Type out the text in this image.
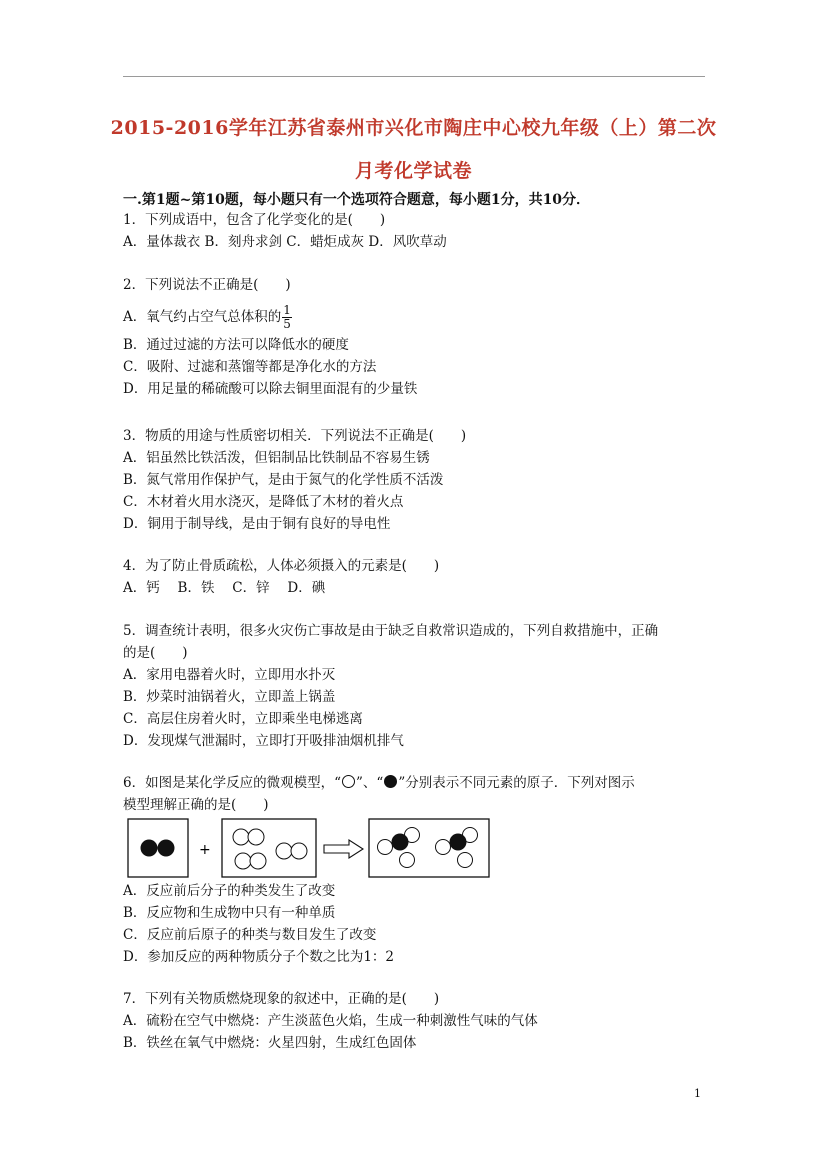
2015-2016学年江苏省泰州市兴化市陶庄中心校九年级（上）第二次
月考化学试卷
一.第1题~第10题，每小题只有一个选项符合题意，每小题1分，共10分．
1．下列成语中，包含了化学变化的是(　　)
A．量体裁衣 B．刻舟求剑 C．蜡炬成灰 D．风吹草动
2．下列说法不正确是(　　)
A．氧气约占空气总体积的 $\frac{1}{5}$
B．通过过滤的方法可以降低水的硬度
C．吸附、过滤和蒸馏等都是净化水的方法
D．用足量的稀硫酸可以除去铜里面混有的少量铁
3．物质的用途与性质密切相关．下列说法不正确是(　　)
A．铝虽然比铁活泼，但铝制品比铁制品不容易生锈
B．氮气常用作保护气，是由于氮气的化学性质不活泼
C．木材着火用水浇灭，是降低了木材的着火点
D．铜用于制导线，是由于铜有良好的导电性
4．为了防止骨质疏松，人体必须摄入的元素是(　　)
A．钙　 B．铁　 C．锌　 D．碘
5．调查统计表明，很多火灾伤亡事故是由于缺乏自救常识造成的，下列自救措施中，正确
的是(　　)
A．家用电器着火时，立即用水扑灭
B．炒菜时油锅着火，立即盖上锅盖
C．高层住房着火时，立即乘坐电梯逃离
D．发现煤气泄漏时，立即打开吸排油烟机排气
6．如图是某化学反应的微观模型，“ ”、“ ”分别表示不同元素的原子．下列对图示
模型理解正确的是(　　)
+
A．反应前后分子的种类发生了改变
B．反应物和生成物中只有一种单质
C．反应前后原子的种类与数目发生了改变
D．参加反应的两种物质分子个数之比为1：2
7．下列有关物质燃烧现象的叙述中，正确的是(　　)
A．硫粉在空气中燃烧：产生淡蓝色火焰，生成一种刺激性气味的气体
B．铁丝在氧气中燃烧：火星四射，生成红色固体
1
